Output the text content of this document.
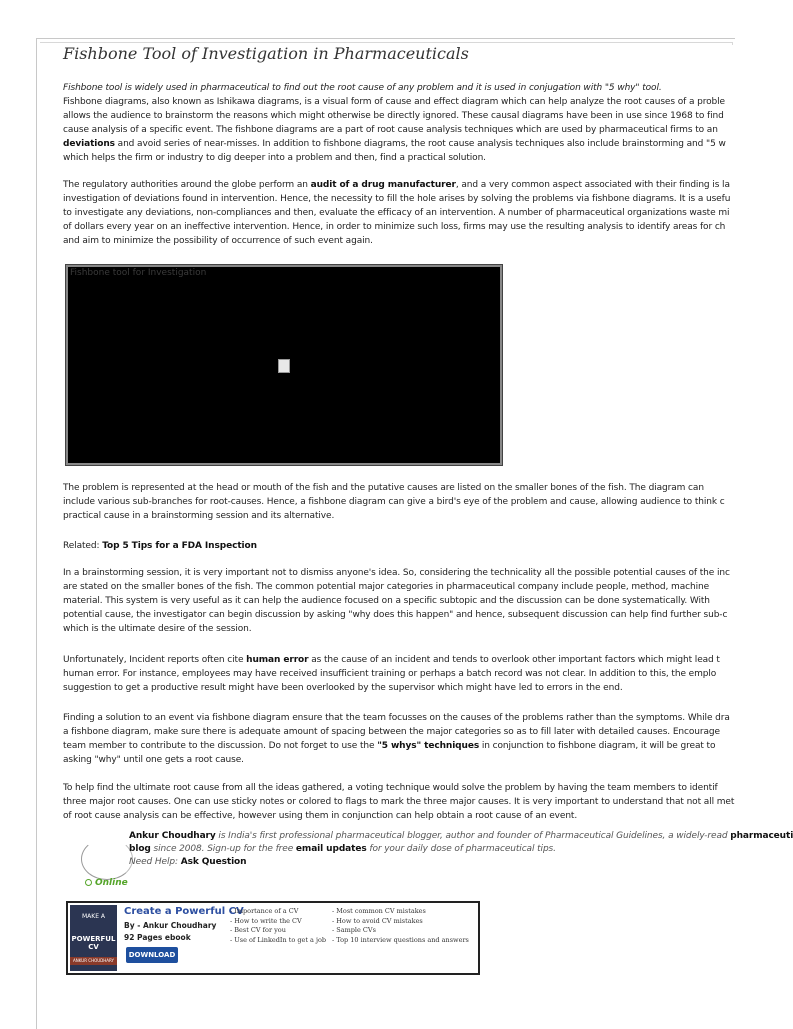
Fishbone Tool of Investigation in Pharmaceuticals
Fishbone tool is widely used in pharmaceutical to find out the root cause of any problem and it is used in conjugation with "5 why" tool.
Fishbone diagrams, also known as Ishikawa diagrams, is a visual form of cause and effect diagram which can help analyze the root causes of a proble
allows the audience to brainstorm the reasons which might otherwise be directly ignored. These causal diagrams have been in use since 1968 to find
cause analysis of a specific event. The fishbone diagrams are a part of root cause analysis techniques which are used by pharmaceutical firms to an
deviations and avoid series of near-misses. In addition to fishbone diagrams, the root cause analysis techniques also include brainstorming and "5 w
which helps the firm or industry to dig deeper into a problem and then, find a practical solution.
The regulatory authorities around the globe perform an audit of a drug manufacturer, and a very common aspect associated with their finding is la
investigation of deviations found in intervention. Hence, the necessity to fill the hole arises by solving the problems via fishbone diagrams. It is a usefu
to investigate any deviations, non-compliances and then, evaluate the efficacy of an intervention. A number of pharmaceutical organizations waste mi
of dollars every year on an ineffective intervention. Hence, in order to minimize such loss, firms may use the resulting analysis to identify areas for ch
and aim to minimize the possibility of occurrence of such event again.
Fishbone tool for Investigation
The problem is represented at the head or mouth of the fish and the putative causes are listed on the smaller bones of the fish. The diagram can
include various sub-branches for root-causes. Hence, a fishbone diagram can give a bird's eye of the problem and cause, allowing audience to think c
practical cause in a brainstorming session and its alternative.
Related: Top 5 Tips for a FDA Inspection
In a brainstorming session, it is very important not to dismiss anyone's idea. So, considering the technicality all the possible potential causes of the inc
are stated on the smaller bones of the fish. The common potential major categories in pharmaceutical company include people, method, machine
material. This system is very useful as it can help the audience focused on a specific subtopic and the discussion can be done systematically. With
potential cause, the investigator can begin discussion by asking "why does this happen" and hence, subsequent discussion can help find further sub-c
which is the ultimate desire of the session.
Unfortunately, Incident reports often cite human error as the cause of an incident and tends to overlook other important factors which might lead t
human error. For instance, employees may have received insufficient training or perhaps a batch record was not clear. In addition to this, the emplo
suggestion to get a productive result might have been overlooked by the supervisor which might have led to errors in the end.
Finding a solution to an event via fishbone diagram ensure that the team focusses on the causes of the problems rather than the symptoms. While dra
a fishbone diagram, make sure there is adequate amount of spacing between the major categories so as to fill later with detailed causes. Encourage
team member to contribute to the discussion. Do not forget to use the "5 whys" techniques in conjunction to fishbone diagram, it will be great to
asking "why" until one gets a root cause.
To help find the ultimate root cause from all the ideas gathered, a voting technique would solve the problem by having the team members to identif
three major root causes. One can use sticky notes or colored to flags to mark the three major causes. It is very important to understand that not all met
of root cause analysis can be effective, however using them in conjunction can help obtain a root cause of an event.
Online
Ankur Choudhary is India's first professional pharmaceutical blogger, author and founder of Pharmaceutical Guidelines, a widely-read pharmaceuti
blog since 2008. Sign-up for the free email updates for your daily dose of pharmaceutical tips.
Need Help: Ask Question
MAKE A
POWERFUL CV
ANKUR CHOUDHARY
Create a Powerful CV
By - Ankur Choudhary
92 Pages ebook
DOWNLOAD
- Importance of a CV
- How to write the CV
- Best CV for you
- Use of LinkedIn to get a job
- Most common CV mistakes
- How to avoid CV mistakes
- Sample CVs
- Top 10 interview questions and answers
